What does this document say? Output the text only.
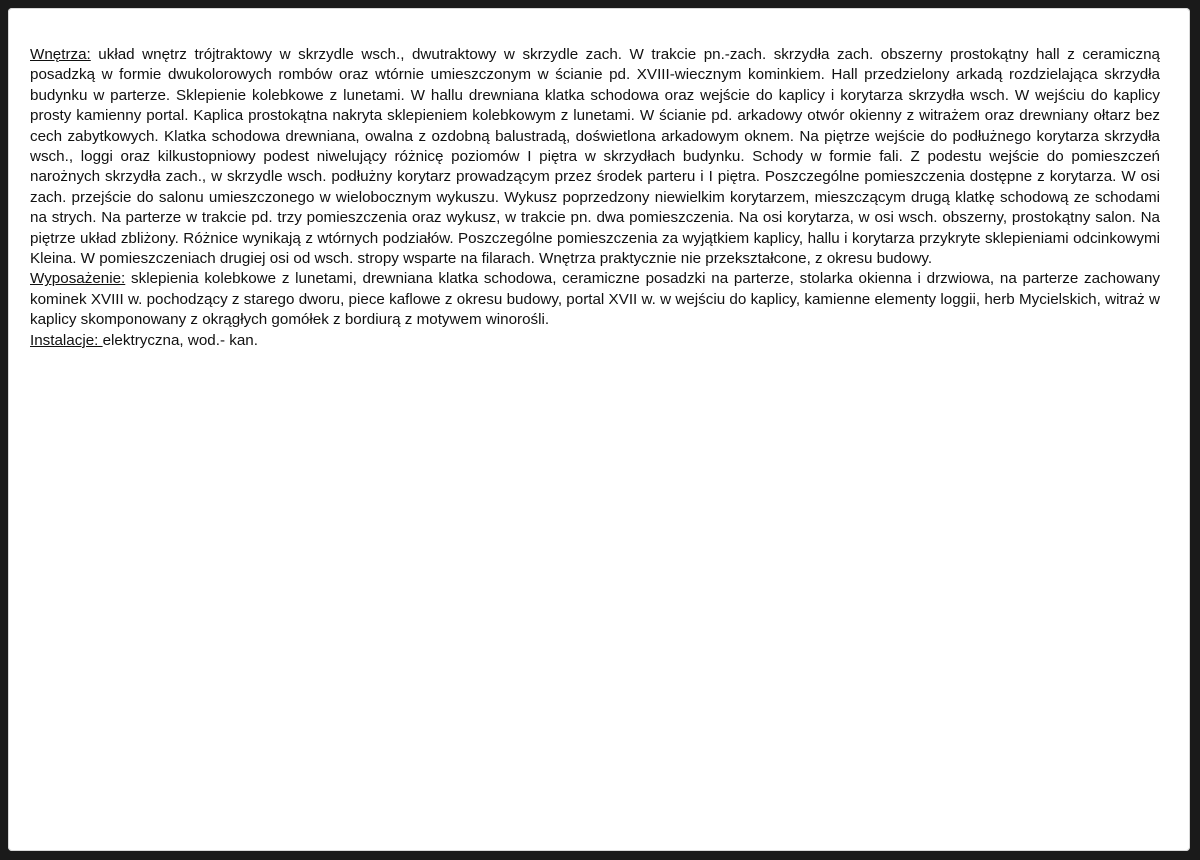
Wnętrza: układ wnętrz trójtraktowy w skrzydle wsch., dwutraktowy w skrzydle zach. W trakcie pn.-zach. skrzydła zach. obszerny prostokątny hall z ceramiczną posadzką w formie dwukolorowych rombów oraz wtórnie umieszczonym w ścianie pd. XVIII-wiecznym kominkiem. Hall przedzielony arkadą rozdzielająca skrzydła budynku w parterze. Sklepienie kolebkowe z lunetami. W hallu drewniana klatka schodowa oraz wejście do kaplicy i korytarza skrzydła wsch. W wejściu do kaplicy prosty kamienny portal. Kaplica prostokątna nakryta sklepieniem kolebkowym z lunetami. W ścianie pd. arkadowy otwór okienny z witrażem oraz drewniany ołtarz bez cech zabytkowych. Klatka schodowa drewniana, owalna z ozdobną balustradą, doświetlona arkadowym oknem. Na piętrze wejście do podłużnego korytarza skrzydła wsch., loggi oraz kilkustopniowy podest niwelujący różnicę poziomów I piętra w skrzydłach budynku. Schody w formie fali. Z podestu wejście do pomieszczeń narożnych skrzydła zach., w skrzydle wsch. podłużny korytarz prowadzącym przez środek parteru i I piętra. Poszczególne pomieszczenia dostępne z korytarza. W osi zach. przejście do salonu umieszczonego w wielobocznym wykuszu. Wykusz poprzedzony niewielkim korytarzem, mieszczącym drugą klatkę schodową ze schodami na strych. Na parterze w trakcie pd. trzy pomieszczenia oraz wykusz, w trakcie pn. dwa pomieszczenia. Na osi korytarza, w osi wsch. obszerny, prostokątny salon. Na piętrze układ zbliżony. Różnice wynikają z wtórnych podziałów. Poszczególne pomieszczenia za wyjątkiem kaplicy, hallu i korytarza przykryte sklepieniami odcinkowymi Kleina. W pomieszczeniach drugiej osi od wsch. stropy wsparte na filarach. Wnętrza praktycznie nie przekształcone, z okresu budowy.

Wyposażenie: sklepienia kolebkowe z lunetami, drewniana klatka schodowa, ceramiczne posadzki na parterze, stolarka okienna i drzwiowa, na parterze zachowany kominek XVIII w. pochodzący z starego dworu, piece kaflowe z okresu budowy, portal XVII w. w wejściu do kaplicy, kamienne elementy loggii, herb Mycielskich, witraż w kaplicy skomponowany z okrągłych gomółek z bordiurą z motywem winorośli.

Instalacje: elektryczna, wod.- kan.
